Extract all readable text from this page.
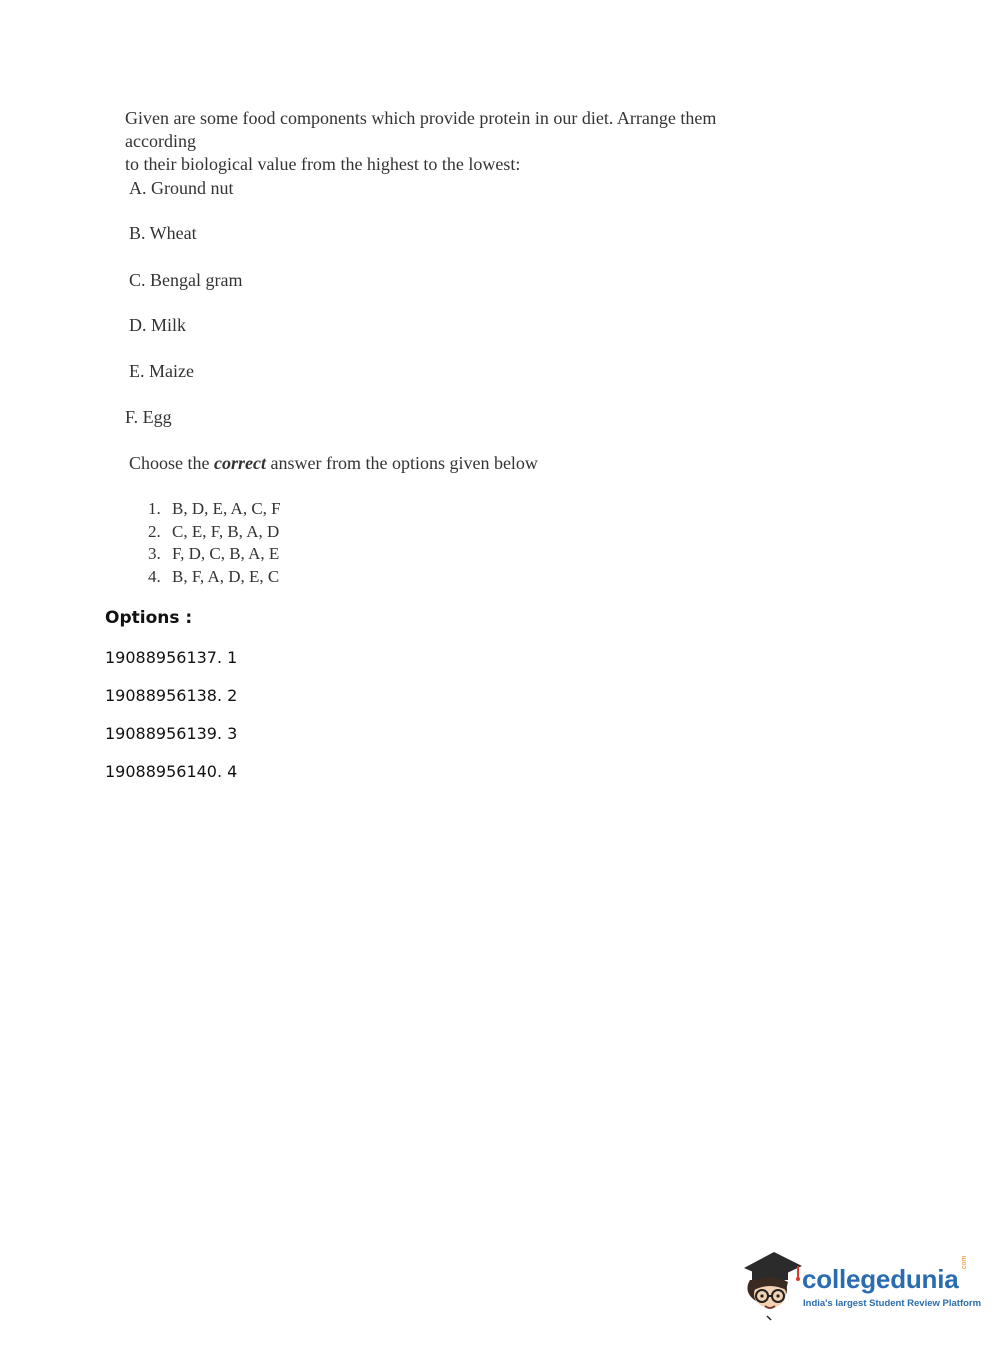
Given are some food components which provide protein in our diet. Arrange them according
to their biological value from the highest to the lowest:
A. Ground nut
B. Wheat
C. Bengal gram
D. Milk
E. Maize
F. Egg
Choose the correct answer from the options given below
1. B, D, E, A, C, F
2. C, E, F, B, A, D
3. F, D, C, B, A, E
4. B, F, A, D, E, C
Options :
19088956137. 1
19088956138. 2
19088956139. 3
19088956140. 4
collegedunia
.com
India's largest Student Review Platform
